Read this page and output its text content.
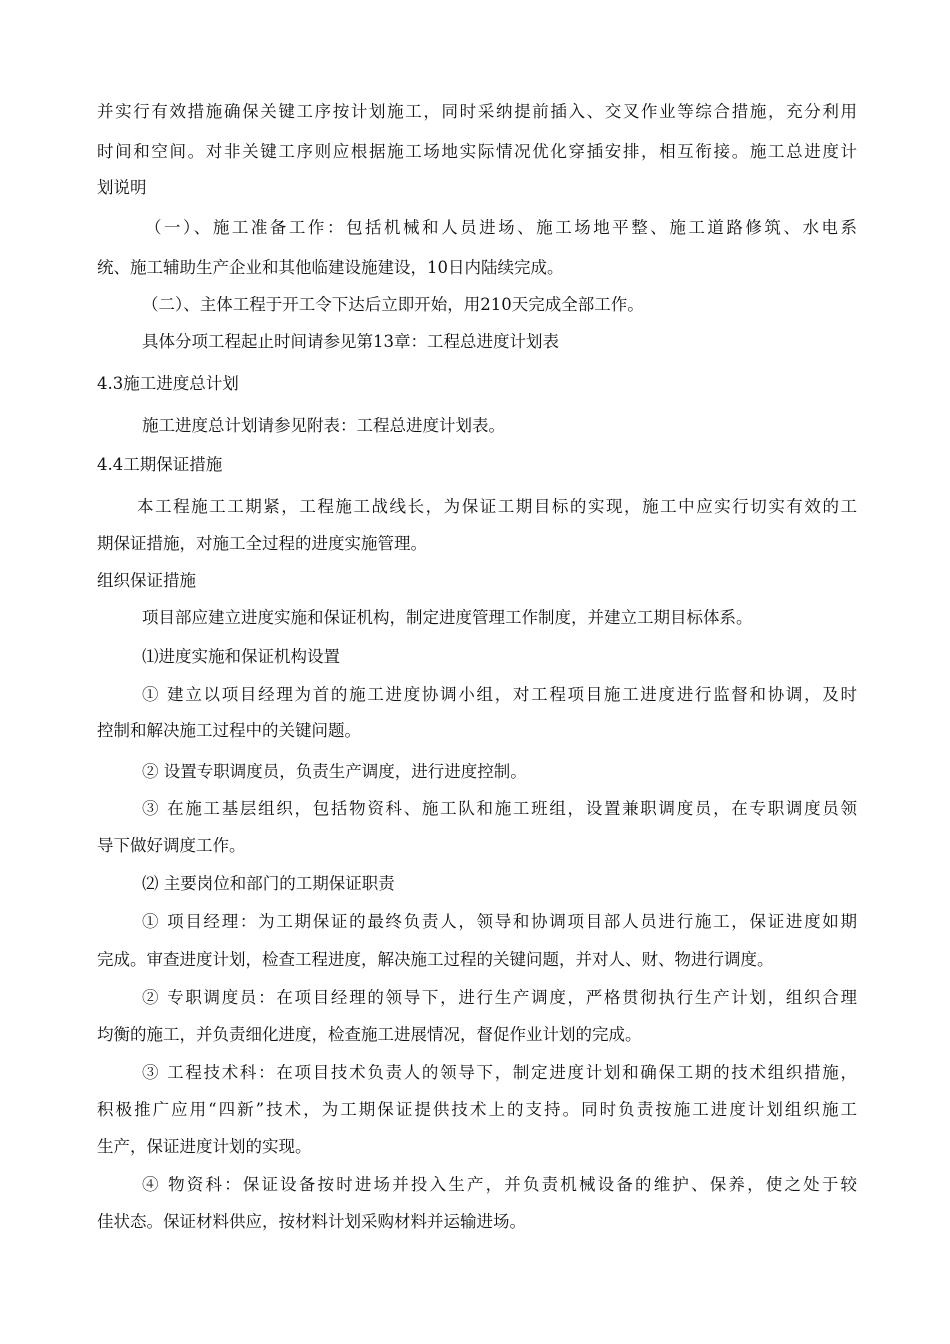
并实行有效措施确保关键工序按计划施工，同时采纳提前插入、交叉作业等综合措施，充分利用
时间和空间。对非关键工序则应根据施工场地实际情况优化穿插安排，相互衔接。施工总进度计
划说明
（一）、施工准备工作：包括机械和人员进场、施工场地平整、施工道路修筑、水电系
统、施工辅助生产企业和其他临建设施建设，10日内陆续完成。
（二）、主体工程于开工令下达后立即开始，用210天完成全部工作。
具体分项工程起止时间请参见第13章：工程总进度计划表
4.3施工进度总计划
施工进度总计划请参见附表：工程总进度计划表。
4.4工期保证措施
本工程施工工期紧，工程施工战线长，为保证工期目标的实现，施工中应实行切实有效的工
期保证措施，对施工全过程的进度实施管理。
组织保证措施
项目部应建立进度实施和保证机构，制定进度管理工作制度，并建立工期目标体系。
⑴进度实施和保证机构设置
① 建立以项目经理为首的施工进度协调小组，对工程项目施工进度进行监督和协调，及时
控制和解决施工过程中的关键问题。
② 设置专职调度员，负责生产调度，进行进度控制。
③ 在施工基层组织，包括物资科、施工队和施工班组，设置兼职调度员，在专职调度员领
导下做好调度工作。
⑵ 主要岗位和部门的工期保证职责
① 项目经理：为工期保证的最终负责人，领导和协调项目部人员进行施工，保证进度如期
完成。审查进度计划，检查工程进度，解决施工过程的关键问题，并对人、财、物进行调度。
② 专职调度员：在项目经理的领导下，进行生产调度，严格贯彻执行生产计划，组织合理
均衡的施工，并负责细化进度，检查施工进展情况，督促作业计划的完成。
③ 工程技术科：在项目技术负责人的领导下，制定进度计划和确保工期的技术组织措施，
积极推广应用“四新”技术，为工期保证提供技术上的支持。同时负责按施工进度计划组织施工
生产，保证进度计划的实现。
④ 物资科：保证设备按时进场并投入生产，并负责机械设备的维护、保养，使之处于较
佳状态。保证材料供应，按材料计划采购材料并运输进场。
